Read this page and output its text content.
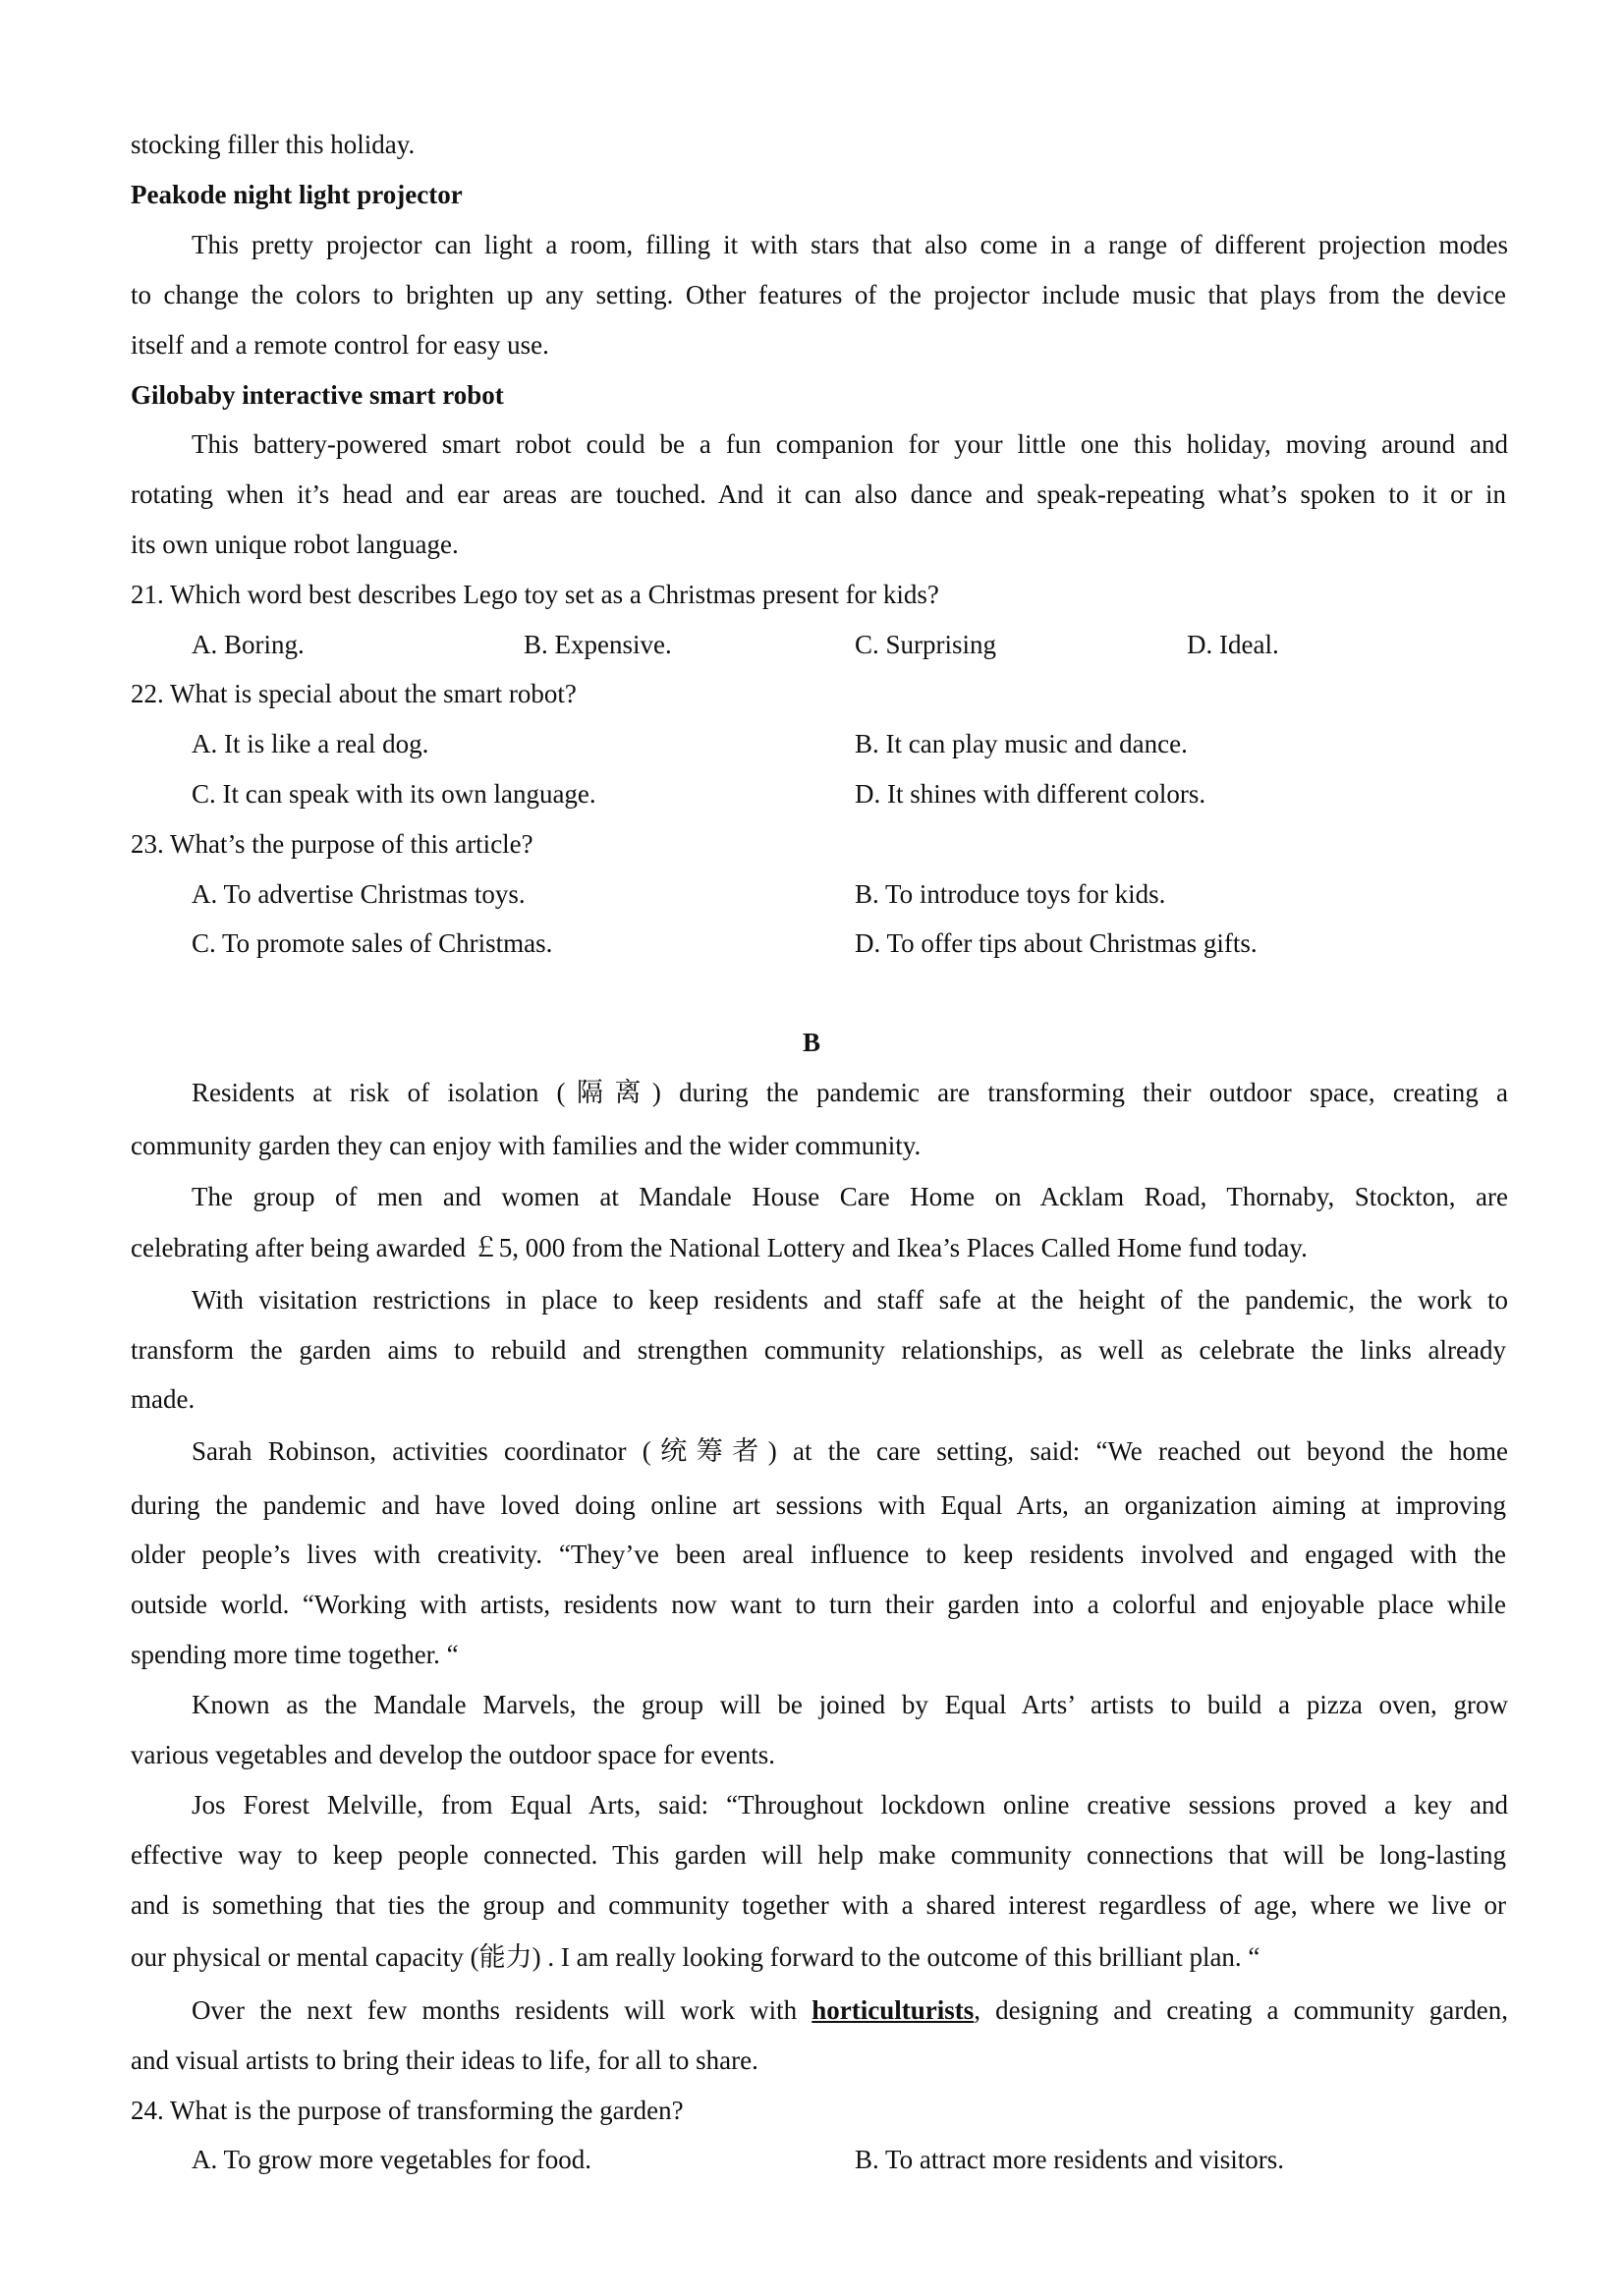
stocking filler this holiday.
Peakode night light projector
This pretty projector can light a room, filling it with stars that also come in a range of different projection modes
to change the colors to brighten up any setting. Other features of the projector include music that plays from the device
itself and a remote control for easy use.
Gilobaby interactive smart robot
This battery-powered smart robot could be a fun companion for your little one this holiday, moving around and
rotating when it’s head and ear areas are touched. And it can also dance and speak-repeating what’s spoken to it or in
its own unique robot language.
21. Which word best describes Lego toy set as a Christmas present for kids?
A. Boring.	B. Expensive.	C. Surprising	D. Ideal.
22. What is special about the smart robot?
A. It is like a real dog.	B. It can play music and dance.
C. It can speak with its own language.	D. It shines with different colors.
23. What’s the purpose of this article?
A. To advertise Christmas toys.	B. To introduce toys for kids.
C. To promote sales of Christmas.	D. To offer tips about Christmas gifts.
B
Residents at risk of isolation (隔离) during the pandemic are transforming their outdoor space, creating a
community garden they can enjoy with families and the wider community.
The group of men and women at Mandale House Care Home on Acklam Road, Thornaby, Stockton, are
celebrating after being awarded ￡5, 000 from the National Lottery and Ikea’s Places Called Home fund today.
With visitation restrictions in place to keep residents and staff safe at the height of the pandemic, the work to
transform the garden aims to rebuild and strengthen community relationships, as well as celebrate the links already
made.
Sarah Robinson, activities coordinator (统筹者) at the care setting, said: “We reached out beyond the home
during the pandemic and have loved doing online art sessions with Equal Arts, an organization aiming at improving
older people’s lives with creativity. “They’ve been areal influence to keep residents involved and engaged with the
outside world. “Working with artists, residents now want to turn their garden into a colorful and enjoyable place while
spending more time together. “
Known as the Mandale Marvels, the group will be joined by Equal Arts’ artists to build a pizza oven, grow
various vegetables and develop the outdoor space for events.
Jos Forest Melville, from Equal Arts, said: “Throughout lockdown online creative sessions proved a key and
effective way to keep people connected. This garden will help make community connections that will be long-lasting
and is something that ties the group and community together with a shared interest regardless of age, where we live or
our physical or mental capacity (能力) . I am really looking forward to the outcome of this brilliant plan. “
Over the next few months residents will work with horticulturists, designing and creating a community garden,
and visual artists to bring their ideas to life, for all to share.
24. What is the purpose of transforming the garden?
A. To grow more vegetables for food.	B. To attract more residents and visitors.
